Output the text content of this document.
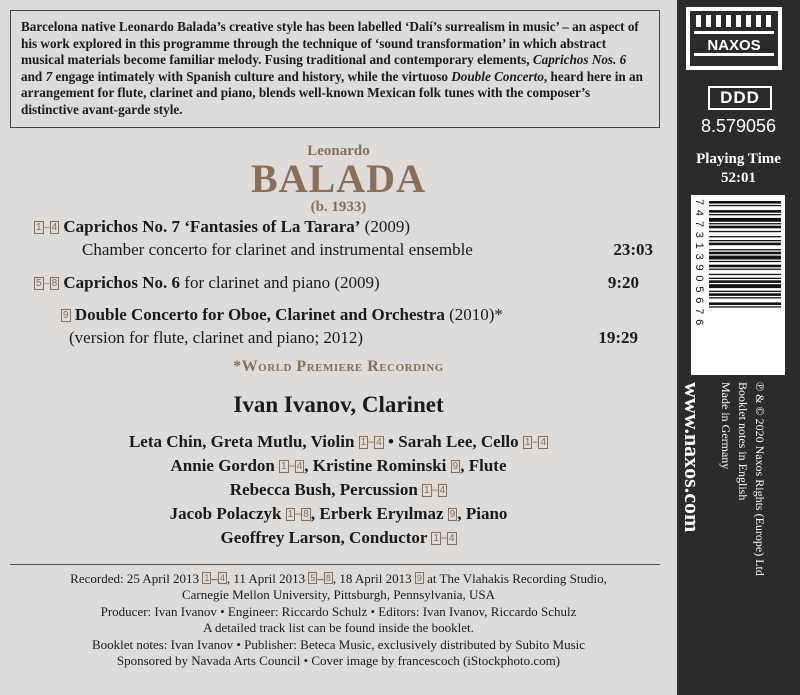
Barcelona native Leonardo Balada’s creative style has been labelled ‘Dalí’s surrealism in music’ – an aspect of his work explored in this programme through the technique of ‘sound transformation’ in which abstract musical materials become familiar melody. Fusing traditional and contemporary elements, Caprichos Nos. 6 and 7 engage intimately with Spanish culture and history, while the virtuoso Double Concerto, heard here in an arrangement for flute, clarinet and piano, blends well-known Mexican folk tunes with the composer’s distinctive avant-garde style.
Leonardo
BALADA
(b. 1933)
1 – 4 Caprichos No. 7 ‘Fantasies of La Tarara’ (2009)
Chamber concerto for clarinet and instrumental ensemble	23:03
5 – 8 Caprichos No. 6 for clarinet and piano (2009)	9:20
9 Double Concerto for Oboe, Clarinet and Orchestra (2010)*
(version for flute, clarinet and piano; 2012)	19:29
*World Premiere Recording
Ivan Ivanov, Clarinet
Leta Chin, Greta Mutlu, Violin 1 – 4 • Sarah Lee, Cello 1 – 4
Annie Gordon 1 – 4 , Kristine Rominski 9 , Flute
Rebecca Bush, Percussion 1 – 4
Jacob Polaczyk 1 – 8 , Erberk Eryılmaz 9 , Piano
Geoffrey Larson, Conductor 1 – 4
Recorded: 25 April 2013 1 – 4 , 11 April 2013 5 – 8 , 18 April 2013 9 at The Vlahakis Recording Studio,
Carnegie Mellon University, Pittsburgh, Pennsylvania, USA
Producer: Ivan Ivanov • Engineer: Riccardo Schulz • Editors: Ivan Ivanov, Riccardo Schulz
A detailed track list can be found inside the booklet.
Booklet notes: Ivan Ivanov • Publisher: Beteca Music, exclusively distributed by Subito Music
Sponsored by Navada Arts Council • Cover image by francescoch (iStockphoto.com)
NAXOS
DDD
8.579056
Playing Time
52:01
747313905676
www.naxos.com	℗ & © 2020 Naxos Rights (Europe) Ltd
Booklet notes in English
Made in Germany
